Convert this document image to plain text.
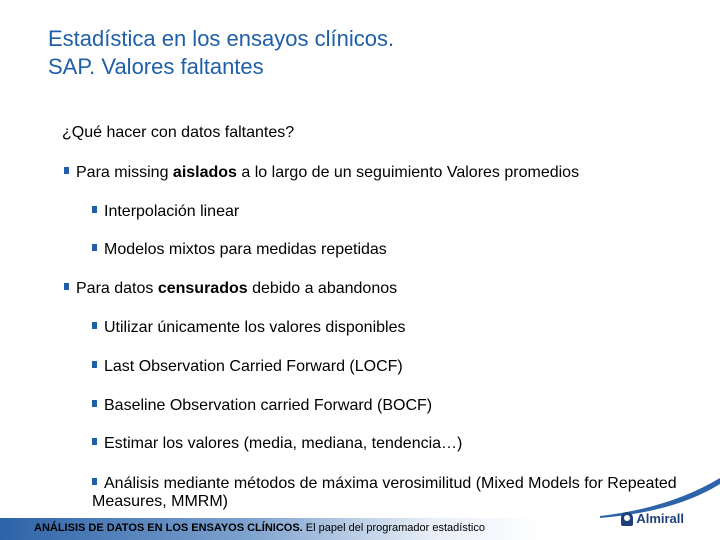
Estadística en los ensayos clínicos.
SAP. Valores faltantes
¿Qué hacer con datos faltantes?
Para missing aislados a lo largo de un seguimiento Valores promedios
Interpolación linear
Modelos mixtos para medidas repetidas
Para datos censurados debido a abandonos
Utilizar únicamente los valores disponibles
Last Observation Carried Forward (LOCF)
Baseline Observation carried Forward (BOCF)
Estimar los valores (media, mediana, tendencia…)
Análisis mediante métodos de máxima verosimilitud (Mixed Models for Repeated Measures, MMRM)
ANÁLISIS DE DATOS EN LOS ENSAYOS CLÍNICOS. El papel del programador estadístico
Almirall
